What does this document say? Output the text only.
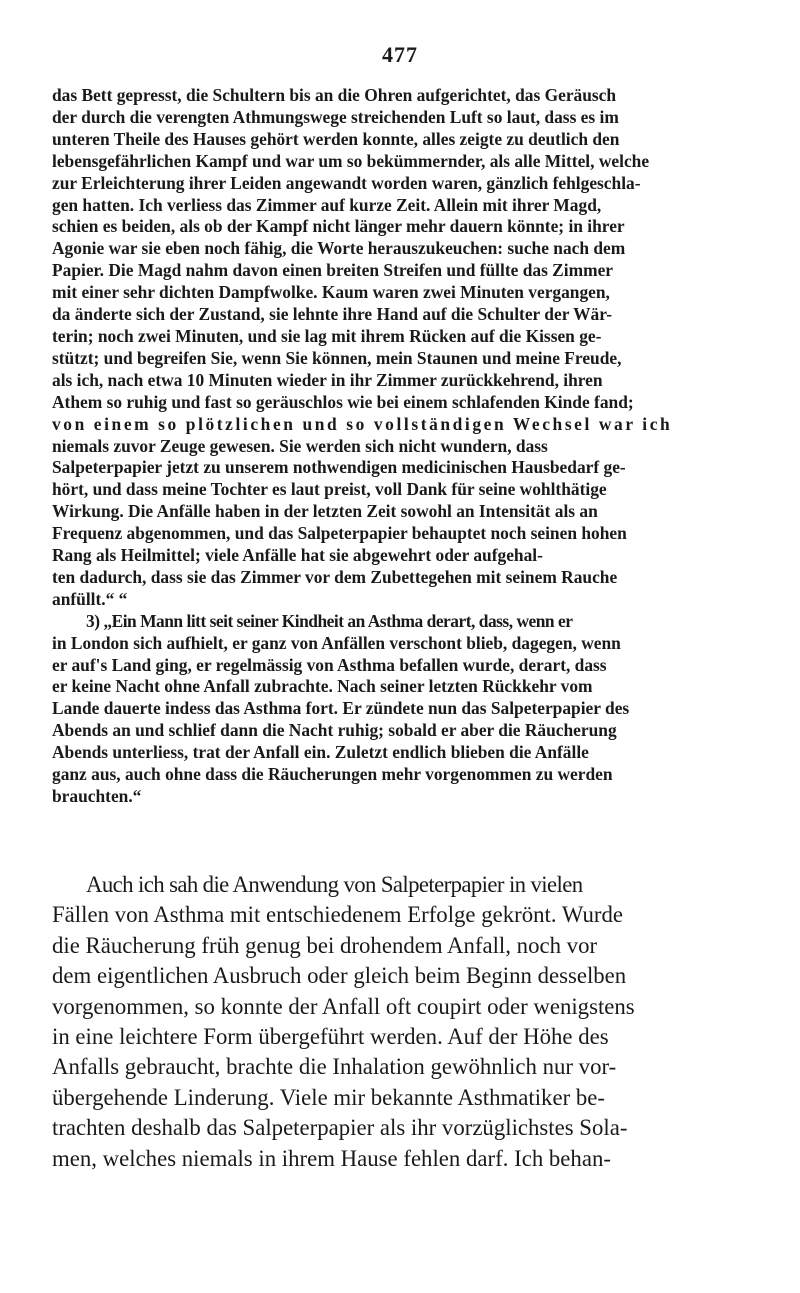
477
das Bett gepresst, die Schultern bis an die Ohren aufgerichtet, das Geräusch
der durch die verengten Athmungswege streichenden Luft so laut, dass es im
unteren Theile des Hauses gehört werden konnte, alles zeigte zu deutlich den
lebensgefährlichen Kampf und war um so bekümmernder, als alle Mittel, welche
zur Erleichterung ihrer Leiden angewandt worden waren, gänzlich fehlgeschla-
gen hatten. Ich verliess das Zimmer auf kurze Zeit. Allein mit ihrer Magd,
schien es beiden, als ob der Kampf nicht länger mehr dauern könnte; in ihrer
Agonie war sie eben noch fähig, die Worte herauszukeuchen: suche nach dem
Papier. Die Magd nahm davon einen breiten Streifen und füllte das Zimmer
mit einer sehr dichten Dampfwolke. Kaum waren zwei Minuten vergangen,
da änderte sich der Zustand, sie lehnte ihre Hand auf die Schulter der Wär-
terin; noch zwei Minuten, und sie lag mit ihrem Rücken auf die Kissen ge-
stützt; und begreifen Sie, wenn Sie können, mein Staunen und meine Freude,
als ich, nach etwa 10 Minuten wieder in ihr Zimmer zurückkehrend, ihren
Athem so ruhig und fast so geräuschlos wie bei einem schlafenden Kinde fand;
von einem so plötzlichen und so vollständigen Wechsel war ich
niemals zuvor Zeuge gewesen. Sie werden sich nicht wundern, dass
Salpeterpapier jetzt zu unserem nothwendigen medicinischen Hausbedarf ge-
hört, und dass meine Tochter es laut preist, voll Dank für seine wohlthätige
Wirkung. Die Anfälle haben in der letzten Zeit sowohl an Intensität als an
Frequenz abgenommen, und das Salpeterpapier behauptet noch seinen hohen
Rang als Heilmittel; viele Anfälle hat sie abgewehrt oder aufgehal-
ten dadurch, dass sie das Zimmer vor dem Zubettegehen mit seinem Rauche
anfüllt.“ “
3) „Ein Mann litt seit seiner Kindheit an Asthma derart, dass, wenn er
in London sich aufhielt, er ganz von Anfällen verschont blieb, dagegen, wenn
er auf's Land ging, er regelmässig von Asthma befallen wurde, derart, dass
er keine Nacht ohne Anfall zubrachte. Nach seiner letzten Rückkehr vom
Lande dauerte indess das Asthma fort. Er zündete nun das Salpeterpapier des
Abends an und schlief dann die Nacht ruhig; sobald er aber die Räucherung
Abends unterliess, trat der Anfall ein. Zuletzt endlich blieben die Anfälle
ganz aus, auch ohne dass die Räucherungen mehr vorgenommen zu werden
brauchten.“
Auch ich sah die Anwendung von Salpeterpapier in vielen
Fällen von Asthma mit entschiedenem Erfolge gekrönt. Wurde
die Räucherung früh genug bei drohendem Anfall, noch vor
dem eigentlichen Ausbruch oder gleich beim Beginn desselben
vorgenommen, so konnte der Anfall oft coupirt oder wenigstens
in eine leichtere Form übergeführt werden. Auf der Höhe des
Anfalls gebraucht, brachte die Inhalation gewöhnlich nur vor-
übergehende Linderung. Viele mir bekannte Asthmatiker be-
trachten deshalb das Salpeterpapier als ihr vorzüglichstes Sola-
men, welches niemals in ihrem Hause fehlen darf. Ich behan-
